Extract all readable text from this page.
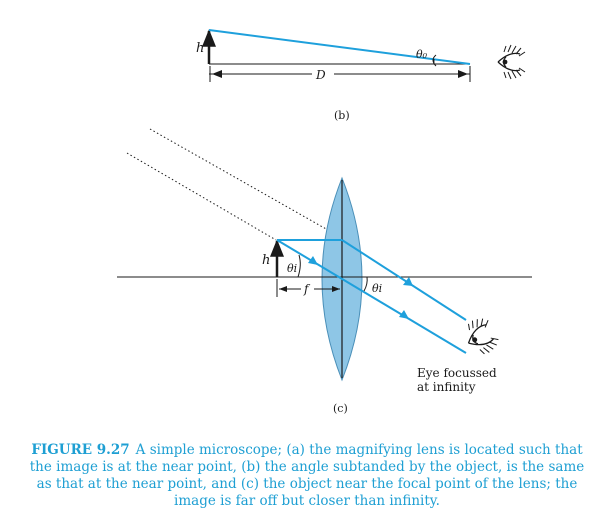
h	θ₀
D
(b)
h
θi
θi
f
Eye focussed
at infinity
(c)
FIGURE 9.27 A simple microscope; (a) the magnifying lens is located such that the image is at the near point, (b) the angle subtanded by the object, is the same as that at the near point, and (c) the object near the focal point of the lens; the image is far off but closer than infinity.
